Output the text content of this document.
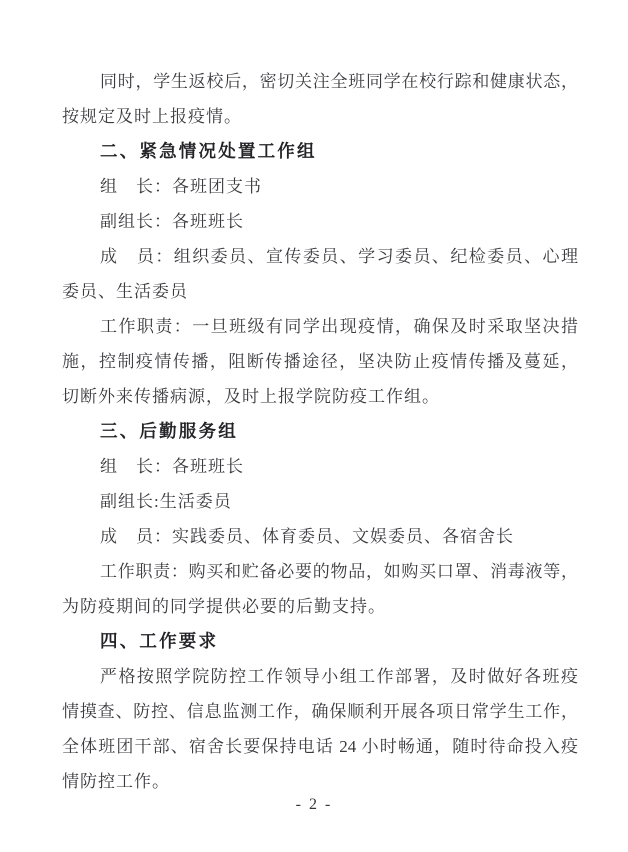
同时，学生返校后，密切关注全班同学在校行踪和健康状态，
按规定及时上报疫情。
二、紧急情况处置工作组
组　长：各班团支书
副组长：各班班长
成　员：组织委员、宣传委员、学习委员、纪检委员、心理
委员、生活委员
工作职责：一旦班级有同学出现疫情，确保及时采取坚决措
施，控制疫情传播，阻断传播途径，坚决防止疫情传播及蔓延，
切断外来传播病源，及时上报学院防疫工作组。
三、后勤服务组
组　长：各班班长
副组长:生活委员
成　员：实践委员、体育委员、文娱委员、各宿舍长
工作职责：购买和贮备必要的物品，如购买口罩、消毒液等，
为防疫期间的同学提供必要的后勤支持。
四、工作要求
严格按照学院防控工作领导小组工作部署，及时做好各班疫
情摸查、防控、信息监测工作，确保顺利开展各项日常学生工作，
全体班团干部、宿舍长要保持电话 24 小时畅通，随时待命投入疫
情防控工作。
- 2 -
